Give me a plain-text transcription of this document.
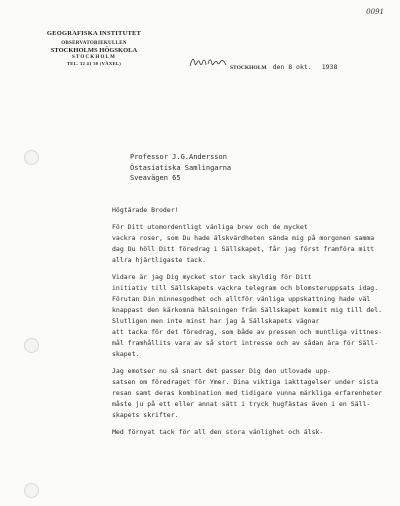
0091
GEOGRAFISKA INSTITUTET
OBSERVATORIEKULLEN
STOCKHOLMS HÖGSKOLA
STOCKHOLM
TEL. 32 41 30 (VÄXEL)
STOCKHOLM den 8 okt. 1938
Professor J.G.Andersson
Östasiatiska Samlingarna
Sveavägen 65
Högtärade Broder!
För Ditt utomordentligt vänliga brev och de mycket
vackra roser, som Du hade älskvärdheten sända mig på morgonen samma
dag Du höll Ditt föredrag i Sällskapet, får jag först framföra mitt
allra hjärtligaste tack.
Vidare är jag Dig mycket stor tack skyldig för Ditt
initiativ till Sällskapets vackra telegram och blomsteruppsats idag.
Förutan Din minnesgodhet och alltför vänliga uppskattning hade väl
knappast den kärkomna hälsningen från Sällskapet kommit mig till del.
Slutligen men inte minst har jag å Sällskapets vägnar
att tacka för det föredrag, som både av pressen och muntliga vittnes-
mål framhållits vara av så stort intresse och av sådan ära för Säll-
skapet.
Jag emotser nu så snart det passer Dig den utlovade upp-
satsen om föredraget för Ymer. Dina viktiga iakttagelser under sista
resan samt deras kombination med tidigare vunna märkliga erfarenheter
måste ju på ett eller annat sätt i tryck hugfästas även i en Säll-
skapets skrifter.
Med förnyat tack för all den stora vänlighet och älsk-
